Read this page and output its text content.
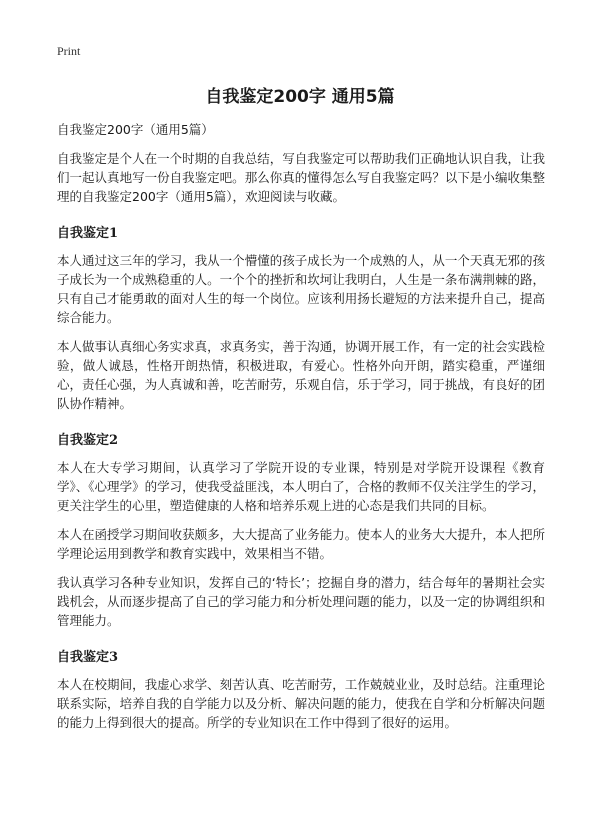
Print
自我鉴定200字 通用5篇
自我鉴定200字（通用5篇）

自我鉴定是个人在一个时期的自我总结，写自我鉴定可以帮助我们正确地认识自我，让我们一起认真地写一份自我鉴定吧。那么你真的懂得怎么写自我鉴定吗？以下是小编收集整理的自我鉴定200字（通用5篇），欢迎阅读与收藏。

自我鉴定1

本人通过这三年的学习，我从一个懵懂的孩子成长为一个成熟的人，从一个天真无邪的孩子成长为一个成熟稳重的人。一个个的挫折和坎坷让我明白，人生是一条布满荆棘的路，只有自己才能勇敢的面对人生的每一个岗位。应该利用扬长避短的方法来提升自己，提高综合能力。

本人做事认真细心务实求真，求真务实，善于沟通，协调开展工作，有一定的社会实践检验，做人诚恳，性格开朗热情，积极进取，有爱心。性格外向开朗，踏实稳重，严谨细心，责任心强，为人真诚和善，吃苦耐劳，乐观自信，乐于学习，同于挑战，有良好的团队协作精神。

自我鉴定2

本人在大专学习期间，认真学习了学院开设的专业课，特别是对学院开设课程《教育学》、《心理学》的学习，使我受益匪浅，本人明白了，合格的教师不仅关注学生的学习，更关注学生的心里，塑造健康的人格和培养乐观上进的心态是我们共同的目标。

本人在函授学习期间收获颇多，大大提高了业务能力。使本人的业务大大提升，本人把所学理论运用到教学和教育实践中，效果相当不错。

我认真学习各种专业知识，发挥自己的‘特长’；挖掘自身的潜力，结合每年的暑期社会实践机会，从而逐步提高了自己的学习能力和分析处理问题的能力，以及一定的协调组织和管理能力。

自我鉴定3

本人在校期间，我虚心求学、刻苦认真、吃苦耐劳，工作兢兢业业，及时总结。注重理论联系实际，培养自我的自学能力以及分析、解决问题的能力，使我在自学和分析解决问题的能力上得到很大的提高。所学的专业知识在工作中得到了很好的运用。
